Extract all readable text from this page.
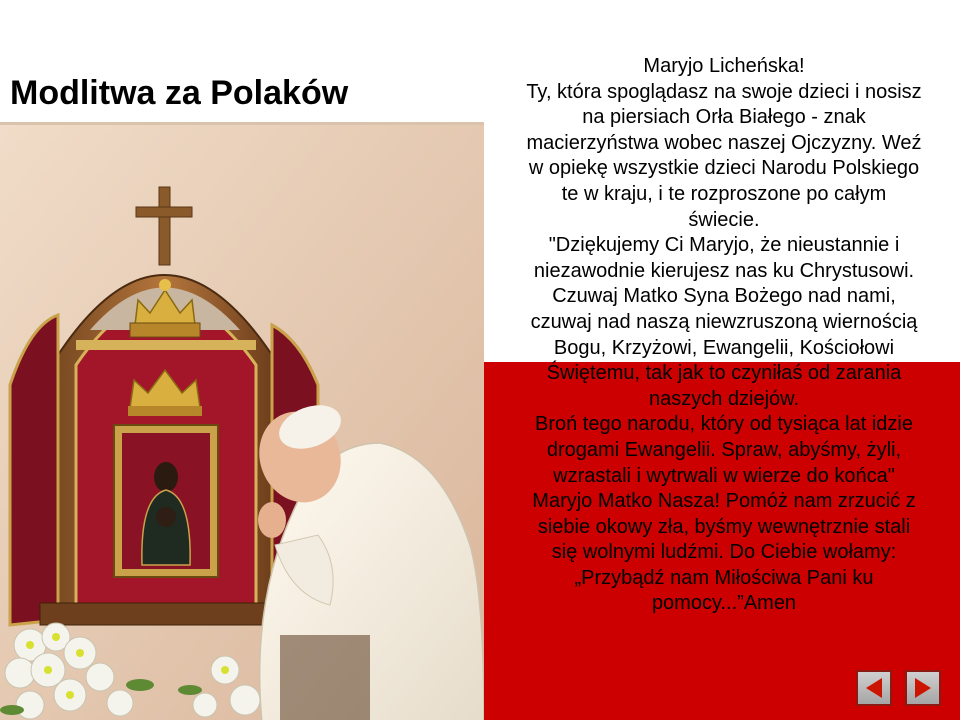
Modlitwa za Polaków

Maryjo Licheńska!

Ty, która spoglądasz na swoje dzieci i nosisz

na piersiach Orła Białego - znak

macierzyństwa wobec naszej Ojczyzny. Weź

w opiekę wszystkie dzieci Narodu Polskiego

te w kraju, i te rozproszone po całym

świecie.

"Dziękujemy Ci Maryjo, że nieustannie i

niezawodnie kierujesz nas ku Chrystusowi.

Czuwaj Matko Syna Bożego nad nami,

czuwaj nad naszą niewzruszoną wiernością

Bogu, Krzyżowi, Ewangelii, Kościołowi

Świętemu, tak jak to czyniłaś od zarania

naszych dziejów.

Broń tego narodu, który od tysiąca lat idzie

drogami Ewangelii. Spraw, abyśmy, żyli,

wzrastali i wytrwali w wierze do końca"

Maryjo Matko Nasza! Pomóż nam zrzucić z

siebie okowy zła, byśmy wewnętrznie stali

się wolnymi ludźmi. Do Ciebie wołamy:

„Przybądź nam Miłościwa Pani ku

pomocy...”Amen
